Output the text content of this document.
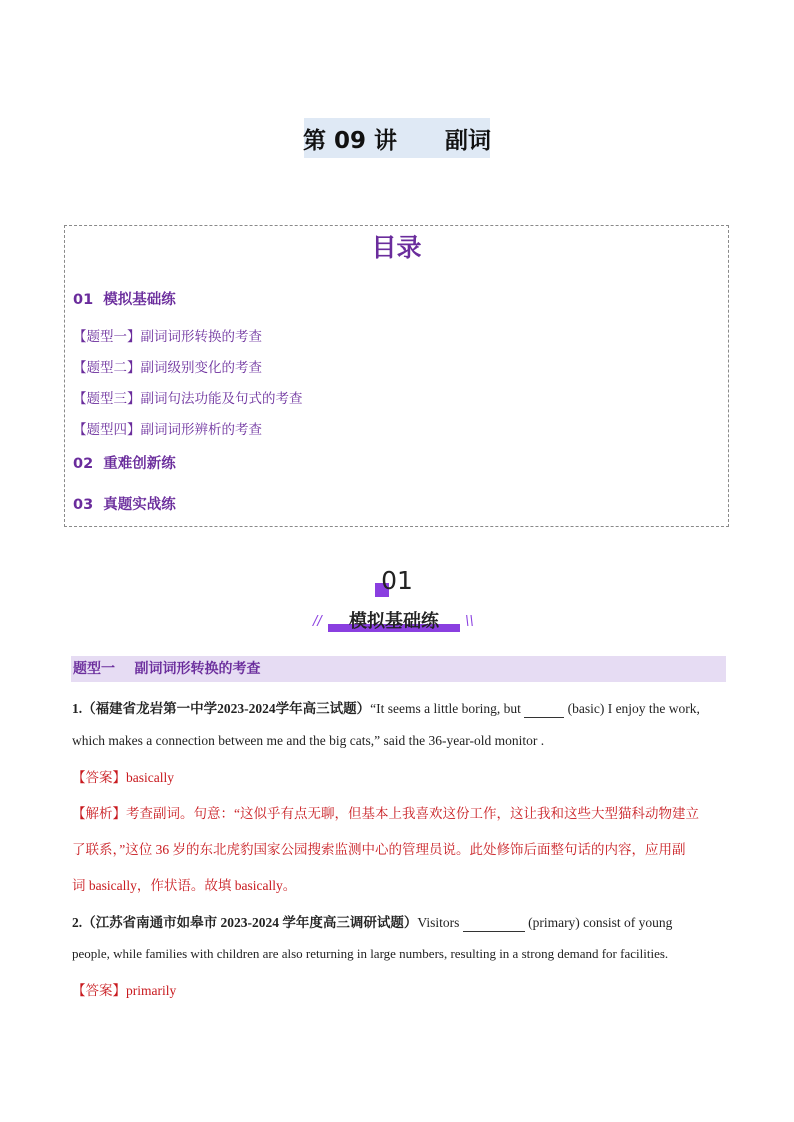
第 09 讲      副词
目录
01  模拟基础练
【题型一】副词词形转换的考查
【题型二】副词级别变化的考查
【题型三】副词句法功能及句式的考查
【题型四】副词词形辨析的考查
02  重难创新练
03  真题实战练
01
//	模拟基础练	\\
题型一    副词词形转换的考查
1.（福建省龙岩第一中学2023-2024学年高三试题）“It seems a little boring, but	(basic) I enjoy the work,
which makes a connection between me and the big cats,” said the 36-year-old monitor .
【答案】basically
【解析】考查副词。句意：“这似乎有点无聊，但基本上我喜欢这份工作，这让我和这些大型猫科动物建立
了联系，”这位 36 岁的东北虎豹国家公园搜索监测中心的管理员说。此处修饰后面整句话的内容，应用副
词 basically，作状语。故填 basically。
2.（江苏省南通市如皋市 2023-2024 学年度高三调研试题）Visitors	(primary) consist of young
people, while families with children are also returning in large numbers, resulting in a strong demand for facilities.
【答案】primarily
